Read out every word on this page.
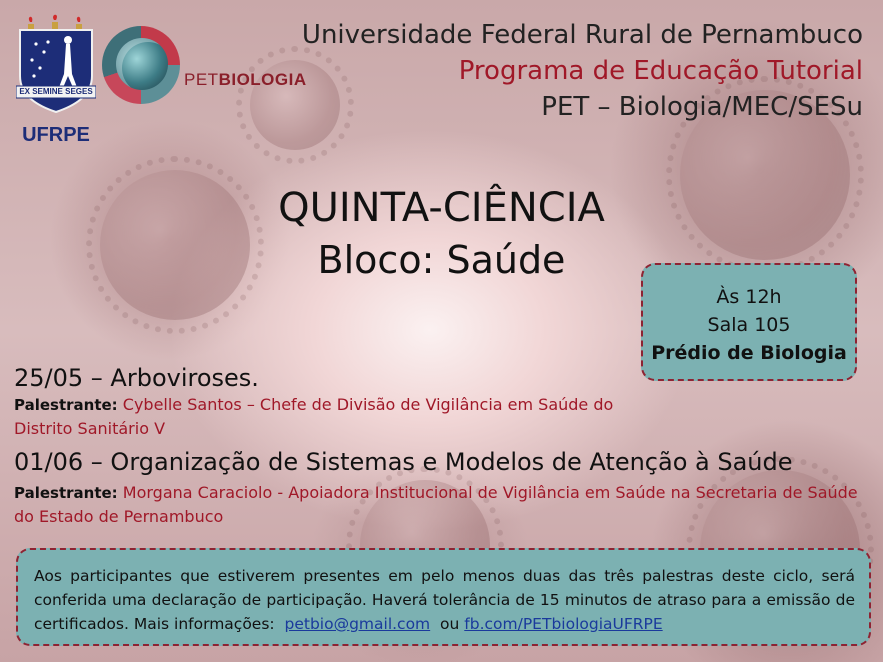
EX SEMINE SEGES
UFRPE
PETBIOLOGIA
Universidade Federal Rural de Pernambuco
Programa de Educação Tutorial
PET – Biologia/MEC/SESu
QUINTA-CIÊNCIA
Bloco: Saúde
Às 12h
Sala 105
Prédio de Biologia
25/05 – Arboviroses.
Palestrante: Cybelle Santos – Chefe de Divisão de Vigilância em Saúde do Distrito Sanitário V
01/06 – Organização de Sistemas e Modelos de Atenção à Saúde
Palestrante: Morgana Caraciolo - Apoiadora Institucional de Vigilância em Saúde na Secretaria de Saúde do Estado de Pernambuco
Aos participantes que estiverem presentes em pelo menos duas das três palestras deste ciclo, será conferida uma declaração de participação. Haverá tolerância de 15 minutos de atraso para a emissão de certificados. Mais informações: petbio@gmail.com ou fb.com/PETbiologiaUFRPE
